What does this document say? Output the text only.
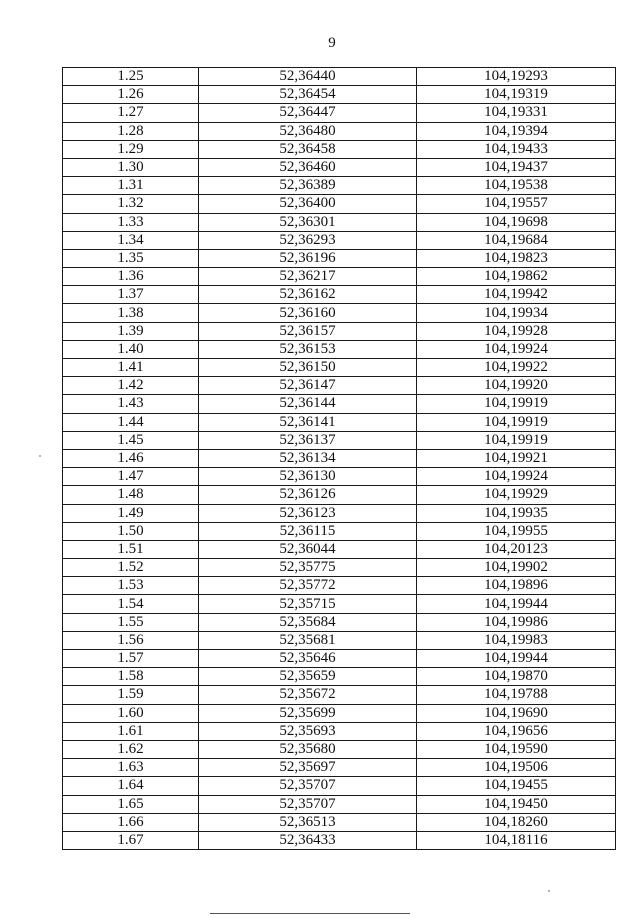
9
1.25	52,36440	104,19293
1.26	52,36454	104,19319
1.27	52,36447	104,19331
1.28	52,36480	104,19394
1.29	52,36458	104,19433
1.30	52,36460	104,19437
1.31	52,36389	104,19538
1.32	52,36400	104,19557
1.33	52,36301	104,19698
1.34	52,36293	104,19684
1.35	52,36196	104,19823
1.36	52,36217	104,19862
1.37	52,36162	104,19942
1.38	52,36160	104,19934
1.39	52,36157	104,19928
1.40	52,36153	104,19924
1.41	52,36150	104,19922
1.42	52,36147	104,19920
1.43	52,36144	104,19919
1.44	52,36141	104,19919
1.45	52,36137	104,19919
1.46	52,36134	104,19921
1.47	52,36130	104,19924
1.48	52,36126	104,19929
1.49	52,36123	104,19935
1.50	52,36115	104,19955
1.51	52,36044	104,20123
1.52	52,35775	104,19902
1.53	52,35772	104,19896
1.54	52,35715	104,19944
1.55	52,35684	104,19986
1.56	52,35681	104,19983
1.57	52,35646	104,19944
1.58	52,35659	104,19870
1.59	52,35672	104,19788
1.60	52,35699	104,19690
1.61	52,35693	104,19656
1.62	52,35680	104,19590
1.63	52,35697	104,19506
1.64	52,35707	104,19455
1.65	52,35707	104,19450
1.66	52,36513	104,18260
1.67	52,36433	104,18116
